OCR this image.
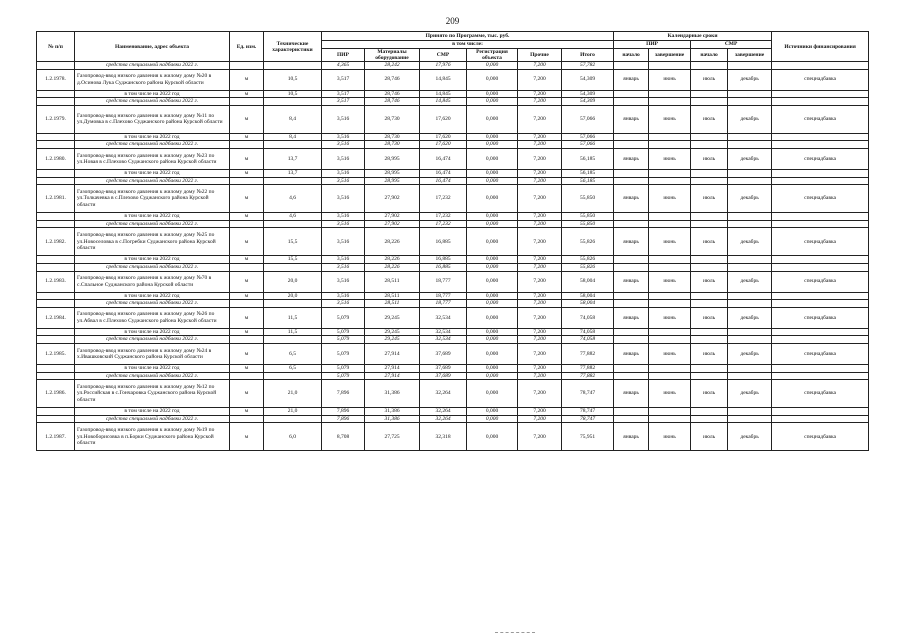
209
№ п/п	Наименование, адрес объекта	Ед. изм.	Технические характеристики	Принято по Программе, тыс. руб.						Календарные сроки				Источники финансирования
				в том числе:						ПИР		СМР		
				ПИР	Материалы оборудование	СМР	Регистрация объекта	Прочие	Итого	начало	завершение	начало	завершение	
	средства специальной надбавки 2022 г.			4,365	28,242	17,976	0,000	7,200	57,782					
1.2.1978.	Газопровод-ввод низкого давления к жилому дому №20 в д.Осинова Лука Суджанского района Курской области	м	10,5	3,517	28,746	14,845	0,000	7,200	54,309	январь	июнь	июль	декабрь	спецнадбавка
	в том числе на 2022 год	м	10,5	3,517	28,746	14,845	0,000	7,200	54,309					
	средства специальной надбавки 2022 г.			3,517	28,746	14,845	0,000	7,200	54,309					
1.2.1979.	Газопровод-ввод низкого давления к жилому дому №11 по ул.Думовка в с.Плехово Суджанского района Курской области	м	8,4	3,516	28,730	17,620	0,000	7,200	57,066	январь	июнь	июль	декабрь	спецнадбавка
	в том числе на 2022 год	м	8,4	3,516	28,730	17,620	0,000	7,200	57,066					
	средства специальной надбавки 2022 г.			3,516	28,730	17,620	0,000	7,200	57,066					
1.2.1980.	Газопровод-ввод низкого давления к жилому дому №23 по ул.Новая в с.Плехово Суджанского района Курской области	м	13,7	3,516	28,995	16,474	0,000	7,200	56,185	январь	июнь	июль	декабрь	спецнадбавка
	в том числе на 2022 год	м	13,7	3,516	28,995	16,474	0,000	7,200	56,185					
	средства специальной надбавки 2022 г.			3,516	28,995	16,474	0,000	7,200	56,185					
1.2.1981.	Газопровод-ввод низкого давления к жилому дому №22 по ул.Толкачевка в с.Плехово Суджанского района Курской области	м	4,6	3,516	27,902	17,232	0,000	7,200	55,850	январь	июнь	июль	декабрь	спецнадбавка
	в том числе на 2022 год	м	4,6	3,516	27,902	17,232	0,000	7,200	55,850					
	средства специальной надбавки 2022 г.			3,516	27,902	17,232	0,000	7,200	55,850					
1.2.1982.	Газопровод-ввод низкого давления к жилому дому №25 по ул.Новоселовка в с.Погребки Суджанского района Курской области	м	15,5	3,516	28,226	16,885	0,000	7,200	55,826	январь	июнь	июль	декабрь	спецнадбавка
	в том числе на 2022 год	м	15,5	3,516	28,226	16,885	0,000	7,200	55,826					
	средства специальной надбавки 2022 г.			3,516	28,226	16,885	0,000	7,200	55,826					
1.2.1983.	Газопровод-ввод низкого давления к жилому дому №70 в с.Спальное Суджанского района Курской области	м	20,0	3,516	28,511	18,777	0,000	7,200	58,004	январь	июнь	июль	декабрь	спецнадбавка
	в том числе на 2022 год	м	20,0	3,516	28,511	18,777	0,000	7,200	58,004					
	средства специальной надбавки 2022 г.			3,516	28,511	18,777	0,000	7,200	58,004					
1.2.1984.	Газопровод-ввод низкого давления к жилому дому №26 по ул.Абвал в с.Плехово Суджанского района Курской области	м	11,5	5,079	29,245	32,534	0,000	7,200	74,058	январь	июнь	июль	декабрь	спецнадбавка
	в том числе на 2022 год	м	11,5	5,079	29,245	32,534	0,000	7,200	74,058					
	средства специальной надбавки 2022 г.			5,079	29,245	32,534	0,000	7,200	74,058					
1.2.1985.	Газопровод-ввод низкого давления к жилому дому №24 в х.Ивашковский Суджанского района Курской области	м	6,5	5,079	27,914	37,689	0,000	7,200	77,882	январь	июнь	июль	декабрь	спецнадбавка
	в том числе на 2022 год	м	6,5	5,079	27,914	37,689	0,000	7,200	77,882					
	средства специальной надбавки 2022 г.			5,079	27,914	37,689	0,000	7,200	77,882					
1.2.1986.	Газопровод-ввод низкого давления к жилому дому №12 по ул.Российская в с.Гончаровка Суджанского района Курской области	м	21,0	7,896	31,386	32,264	0,000	7,200	78,747	январь	июнь	июль	декабрь	спецнадбавка
	в том числе на 2022 год	м	21,0	7,896	31,386	32,264	0,000	7,200	78,747					
	средства специальной надбавки 2022 г.			7,896	31,386	32,264	0,000	7,200	78,747					
1.2.1987.	Газопровод-ввод низкого давления к жилому дому №19 по ул.Новоборисовка в п.Борки Суджанского района Курской области	м	6,0	8,708	27,725	32,318	0,000	7,200	75,951	январь	июнь	июль	декабрь	спецнадбавка
